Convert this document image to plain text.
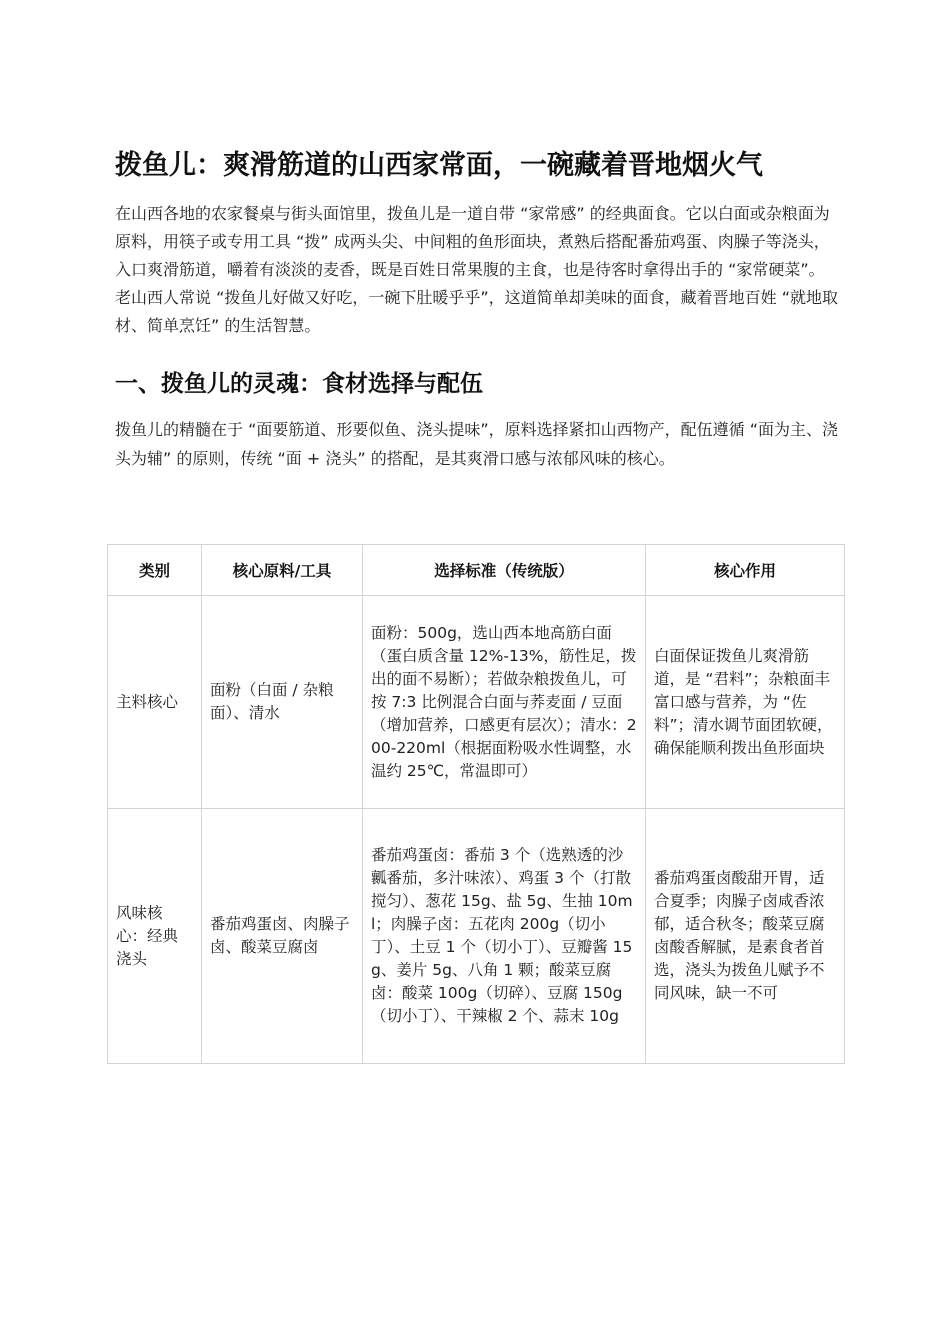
拨鱼儿：爽滑筋道的山西家常面，一碗藏着晋地烟火气

在山西各地的农家餐桌与街头面馆里，拨鱼儿是一道自带 “家常感” 的经典面食。它以白面或杂粮面为原料，用筷子或专用工具 “拨” 成两头尖、中间粗的鱼形面块，煮熟后搭配番茄鸡蛋、肉臊子等浇头，入口爽滑筋道，嚼着有淡淡的麦香，既是百姓日常果腹的主食，也是待客时拿得出手的 “家常硬菜”。老山西人常说 “拨鱼儿好做又好吃，一碗下肚暖乎乎”，这道简单却美味的面食，藏着晋地百姓 “就地取材、简单烹饪” 的生活智慧。

一、拨鱼儿的灵魂：食材选择与配伍

拨鱼儿的精髓在于 “面要筋道、形要似鱼、浇头提味”，原料选择紧扣山西物产，配伍遵循 “面为主、浇头为辅” 的原则，传统 “面 + 浇头” 的搭配，是其爽滑口感与浓郁风味的核心。

类别	核心原料/工具	选择标准（传统版）	核心作用
主料核心	面粉（白面 / 杂粮面）、清水	面粉：500g，选山西本地高筋白面（蛋白质含量 12%-13%，筋性足，拨出的面不易断）；若做杂粮拨鱼儿，可按 7:3 比例混合白面与荞麦面 / 豆面（增加营养，口感更有层次）；清水：200-220ml（根据面粉吸水性调整，水温约 25℃，常温即可）	白面保证拨鱼儿爽滑筋道，是 “君料”；杂粮面丰富口感与营养，为 “佐料”；清水调节面团软硬，确保能顺利拨出鱼形面块
风味核心：经典浇头	番茄鸡蛋卤、肉臊子卤、酸菜豆腐卤	番茄鸡蛋卤：番茄 3 个（选熟透的沙瓤番茄，多汁味浓）、鸡蛋 3 个（打散搅匀）、葱花 15g、盐 5g、生抽 10ml；肉臊子卤：五花肉 200g（切小丁）、土豆 1 个（切小丁）、豆瓣酱 15g、姜片 5g、八角 1 颗；酸菜豆腐卤：酸菜 100g（切碎）、豆腐 150g（切小丁）、干辣椒 2 个、蒜末 10g	番茄鸡蛋卤酸甜开胃，适合夏季；肉臊子卤咸香浓郁，适合秋冬；酸菜豆腐卤酸香解腻，是素食者首选，浇头为拨鱼儿赋予不同风味，缺一不可
